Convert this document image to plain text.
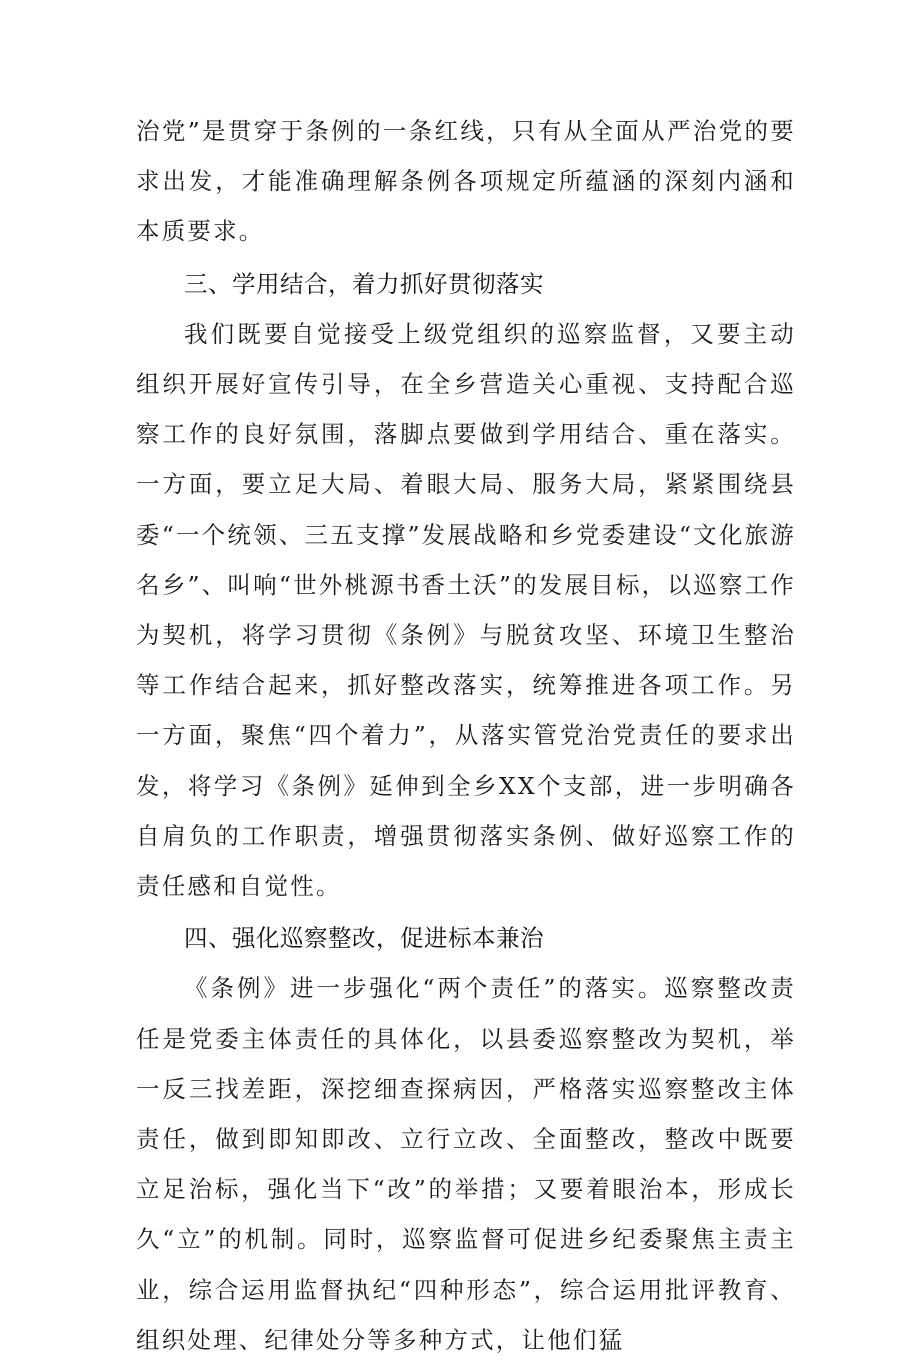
治党”是贯穿于条例的一条红线，只有从全面从严治党的要求出发，才能准确理解条例各项规定所蕴涵的深刻内涵和本质要求。

三、学用结合，着力抓好贯彻落实

我们既要自觉接受上级党组织的巡察监督，又要主动组织开展好宣传引导，在全乡营造关心重视、支持配合巡察工作的良好氛围，落脚点要做到学用结合、重在落实。一方面，要立足大局、着眼大局、服务大局，紧紧围绕县委“一个统领、三五支撑”发展战略和乡党委建设“文化旅游名乡”、叫响“世外桃源书香土沃”的发展目标，以巡察工作为契机，将学习贯彻《条例》与脱贫攻坚、环境卫生整治等工作结合起来，抓好整改落实，统筹推进各项工作。另一方面，聚焦“四个着力”，从落实管党治党责任的要求出发，将学习《条例》延伸到全乡XX个支部，进一步明确各自肩负的工作职责，增强贯彻落实条例、做好巡察工作的责任感和自觉性。

四、强化巡察整改，促进标本兼治

《条例》进一步强化“两个责任”的落实。巡察整改责任是党委主体责任的具体化，以县委巡察整改为契机，举一反三找差距，深挖细查探病因，严格落实巡察整改主体责任，做到即知即改、立行立改、全面整改，整改中既要立足治标，强化当下“改”的举措；又要着眼治本，形成长久“立”的机制。同时，巡察监督可促进乡纪委聚焦主责主业，综合运用监督执纪“四种形态”，综合运用批评教育、组织处理、纪律处分等多种方式，让他们猛
